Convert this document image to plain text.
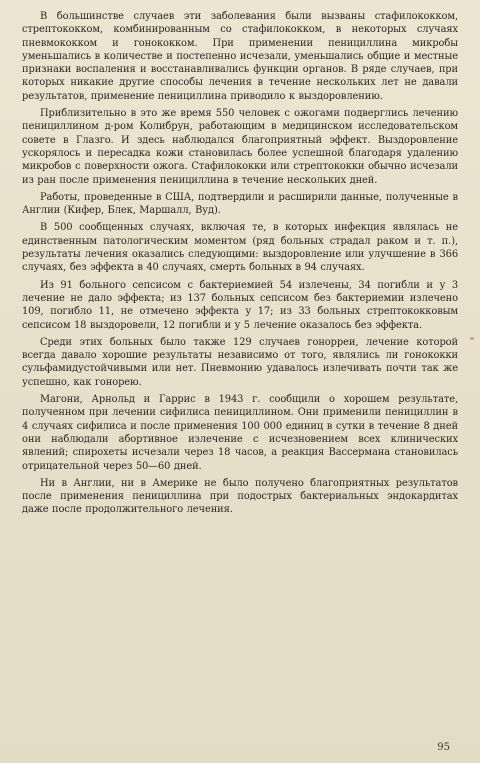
В большинстве случаев эти заболевания были вызваны стафилококком, стрептококком, комбинированным со стафилококком, в некоторых случаях пневмококком и гонококком. При применении пенициллина микробы уменьшались в количестве и постепенно исчезали, уменьшались общие и местные признаки воспаления и восстанавливались функции органов. В ряде случаев, при которых никакие другие способы лечения в течение нескольких лет не давали результатов, применение пенициллина приводило к выздоровлению.

Приблизительно в это же время 550 человек с ожогами подверглись лечению пенициллином д-ром Колибрун, работающим в медицинском исследовательском совете в Глазго. И здесь наблюдался благоприятный эффект. Выздоровление ускорялось и пересадка кожи становилась более успешной благодаря удалению микробов с поверхности ожога. Стафилококки или стрептококки обычно исчезали из ран после применения пенициллина в течение нескольких дней.

Работы, проведенные в США, подтвердили и расширили данные, полученные в Англии (Кифер, Блек, Маршалл, Вуд).

В 500 сообщенных случаях, включая те, в которых инфекция являлась не единственным патологическим моментом (ряд больных страдал раком и т. п.), результаты лечения оказались следующими: выздоровление или улучшение в 366 случаях, без эффекта в 40 случаях, смерть больных в 94 случаях.

Из 91 больного сепсисом с бактериемией 54 излечены, 34 погибли и у 3 лечение не дало эффекта; из 137 больных сепсисом без бактериемии излечено 109, погибло 11, не отмечено эффекта у 17; из 33 больных стрептококковым сепсисом 18 выздоровели, 12 погибли и у 5 лечение оказалось без эффекта.

Среди этих больных было также 129 случаев гонорреи, лечение которой всегда давало хорошие результаты независимо от того, являлись ли гонококки сульфамидустойчивыми или нет. Пневмонию удавалось излечивать почти так же успешно, как гонорею.

Магони, Арнольд и Гаррис в 1943 г. сообщили о хорошем результате, полученном при лечении сифилиса пенициллином. Они применили пенициллин в 4 случаях сифилиса и после применения 100 000 единиц в сутки в течение 8 дней они наблюдали абортивное излечение с исчезновением всех клинических явлений; спирохеты исчезали через 18 часов, а реакция Вассермана становилась отрицательной через 50—60 дней.

Ни в Англии, ни в Америке не было получено благоприятных результатов после применения пенициллина при подострых бактериальных эндокардитах даже после продолжительного лечения.

95
